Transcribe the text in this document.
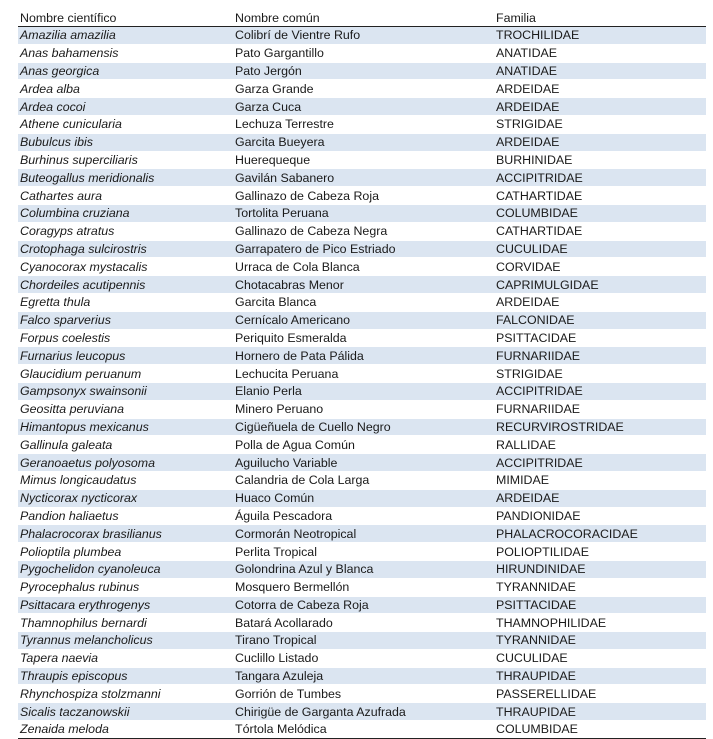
Nombre científico	Nombre común	Familia
Amazilia amazilia	Colibrí de Vientre Rufo	TROCHILIDAE
Anas bahamensis	Pato Gargantillo	ANATIDAE
Anas georgica	Pato Jergón	ANATIDAE
Ardea alba	Garza Grande	ARDEIDAE
Ardea cocoi	Garza Cuca	ARDEIDAE
Athene cunicularia	Lechuza Terrestre	STRIGIDAE
Bubulcus ibis	Garcita Bueyera	ARDEIDAE
Burhinus superciliaris	Huerequeque	BURHINIDAE
Buteogallus meridionalis	Gavilán Sabanero	ACCIPITRIDAE
Cathartes aura	Gallinazo de Cabeza Roja	CATHARTIDAE
Columbina cruziana	Tortolita Peruana	COLUMBIDAE
Coragyps atratus	Gallinazo de Cabeza Negra	CATHARTIDAE
Crotophaga sulcirostris	Garrapatero de Pico Estriado	CUCULIDAE
Cyanocorax mystacalis	Urraca de Cola Blanca	CORVIDAE
Chordeiles acutipennis	Chotacabras Menor	CAPRIMULGIDAE
Egretta thula	Garcita Blanca	ARDEIDAE
Falco sparverius	Cernícalo Americano	FALCONIDAE
Forpus coelestis	Periquito Esmeralda	PSITTACIDAE
Furnarius leucopus	Hornero de Pata Pálida	FURNARIIDAE
Glaucidium peruanum	Lechucita Peruana	STRIGIDAE
Gampsonyx swainsonii	Elanio Perla	ACCIPITRIDAE
Geositta peruviana	Minero Peruano	FURNARIIDAE
Himantopus mexicanus	Cigüeñuela de Cuello Negro	RECURVIROSTRIDAE
Gallinula galeata	Polla de Agua Común	RALLIDAE
Geranoaetus polyosoma	Aguilucho Variable	ACCIPITRIDAE
Mimus longicaudatus	Calandria de Cola Larga	MIMIDAE
Nycticorax nycticorax	Huaco Común	ARDEIDAE
Pandion haliaetus	Águila Pescadora	PANDIONIDAE
Phalacrocorax brasilianus	Cormorán Neotropical	PHALACROCORACIDAE
Polioptila plumbea	Perlita Tropical	POLIOPTILIDAE
Pygochelidon cyanoleuca	Golondrina Azul y Blanca	HIRUNDINIDAE
Pyrocephalus rubinus	Mosquero Bermellón	TYRANNIDAE
Psittacara erythrogenys	Cotorra de Cabeza Roja	PSITTACIDAE
Thamnophilus bernardi	Batará Acollarado	THAMNOPHILIDAE
Tyrannus melancholicus	Tirano Tropical	TYRANNIDAE
Tapera naevia	Cuclillo Listado	CUCULIDAE
Thraupis episcopus	Tangara Azuleja	THRAUPIDAE
Rhynchospiza stolzmanni	Gorrión de Tumbes	PASSERELLIDAE
Sicalis taczanowskii	Chirigüe de Garganta Azufrada	THRAUPIDAE
Zenaida meloda	Tórtola Melódica	COLUMBIDAE
